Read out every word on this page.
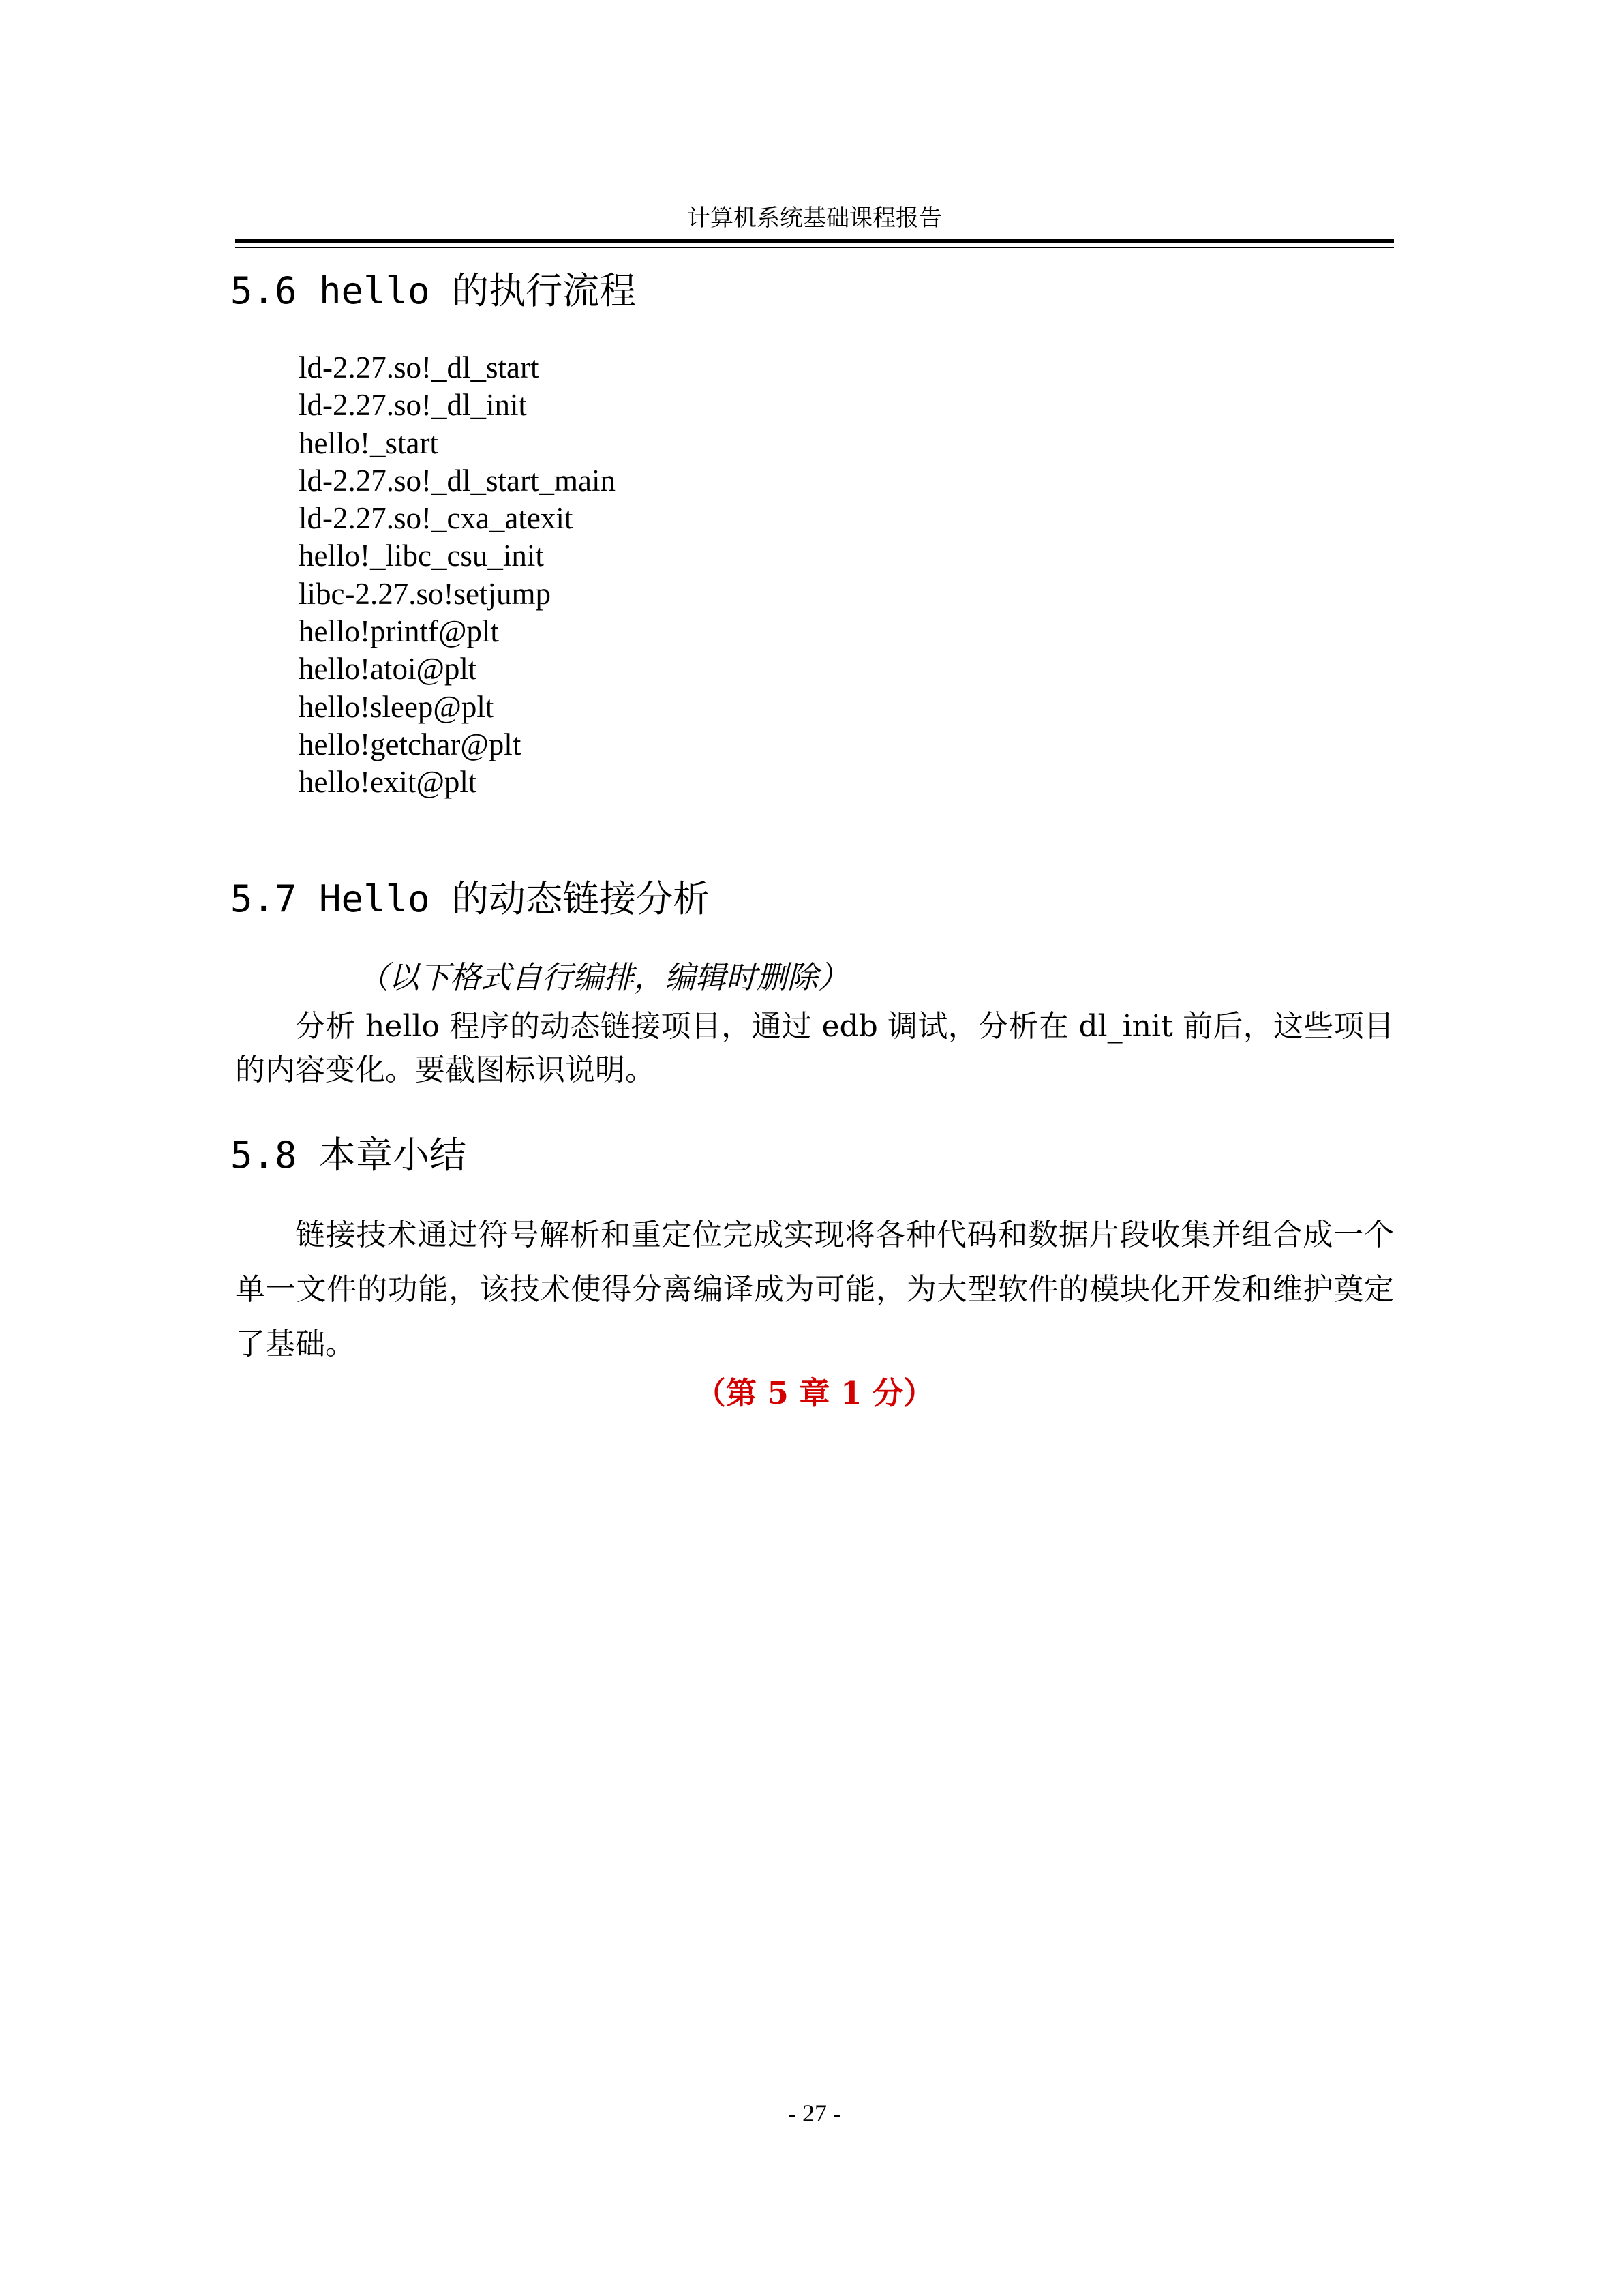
计算机系统基础课程报告
5.6 hello 的执行流程
ld-2.27.so!_dl_start
ld-2.27.so!_dl_init
hello!_start
ld-2.27.so!_dl_start_main
ld-2.27.so!_cxa_atexit
hello!_libc_csu_init
libc-2.27.so!setjump
hello!printf@plt
hello!atoi@plt
hello!sleep@plt
hello!getchar@plt
hello!exit@plt
5.7 Hello 的动态链接分析
（以下格式自行编排，编辑时删除）

分析 hello 程序的动态链接项目，通过 edb 调试，分析在 dl_init 前后，这些项目的内容变化。要截图标识说明。

5.8 本章小结

链接技术通过符号解析和重定位完成实现将各种代码和数据片段收集并组合成一个单一文件的功能，该技术使得分离编译成为可能，为大型软件的模块化开发和维护奠定了基础。

（第 5 章 1 分）
- 27 -
